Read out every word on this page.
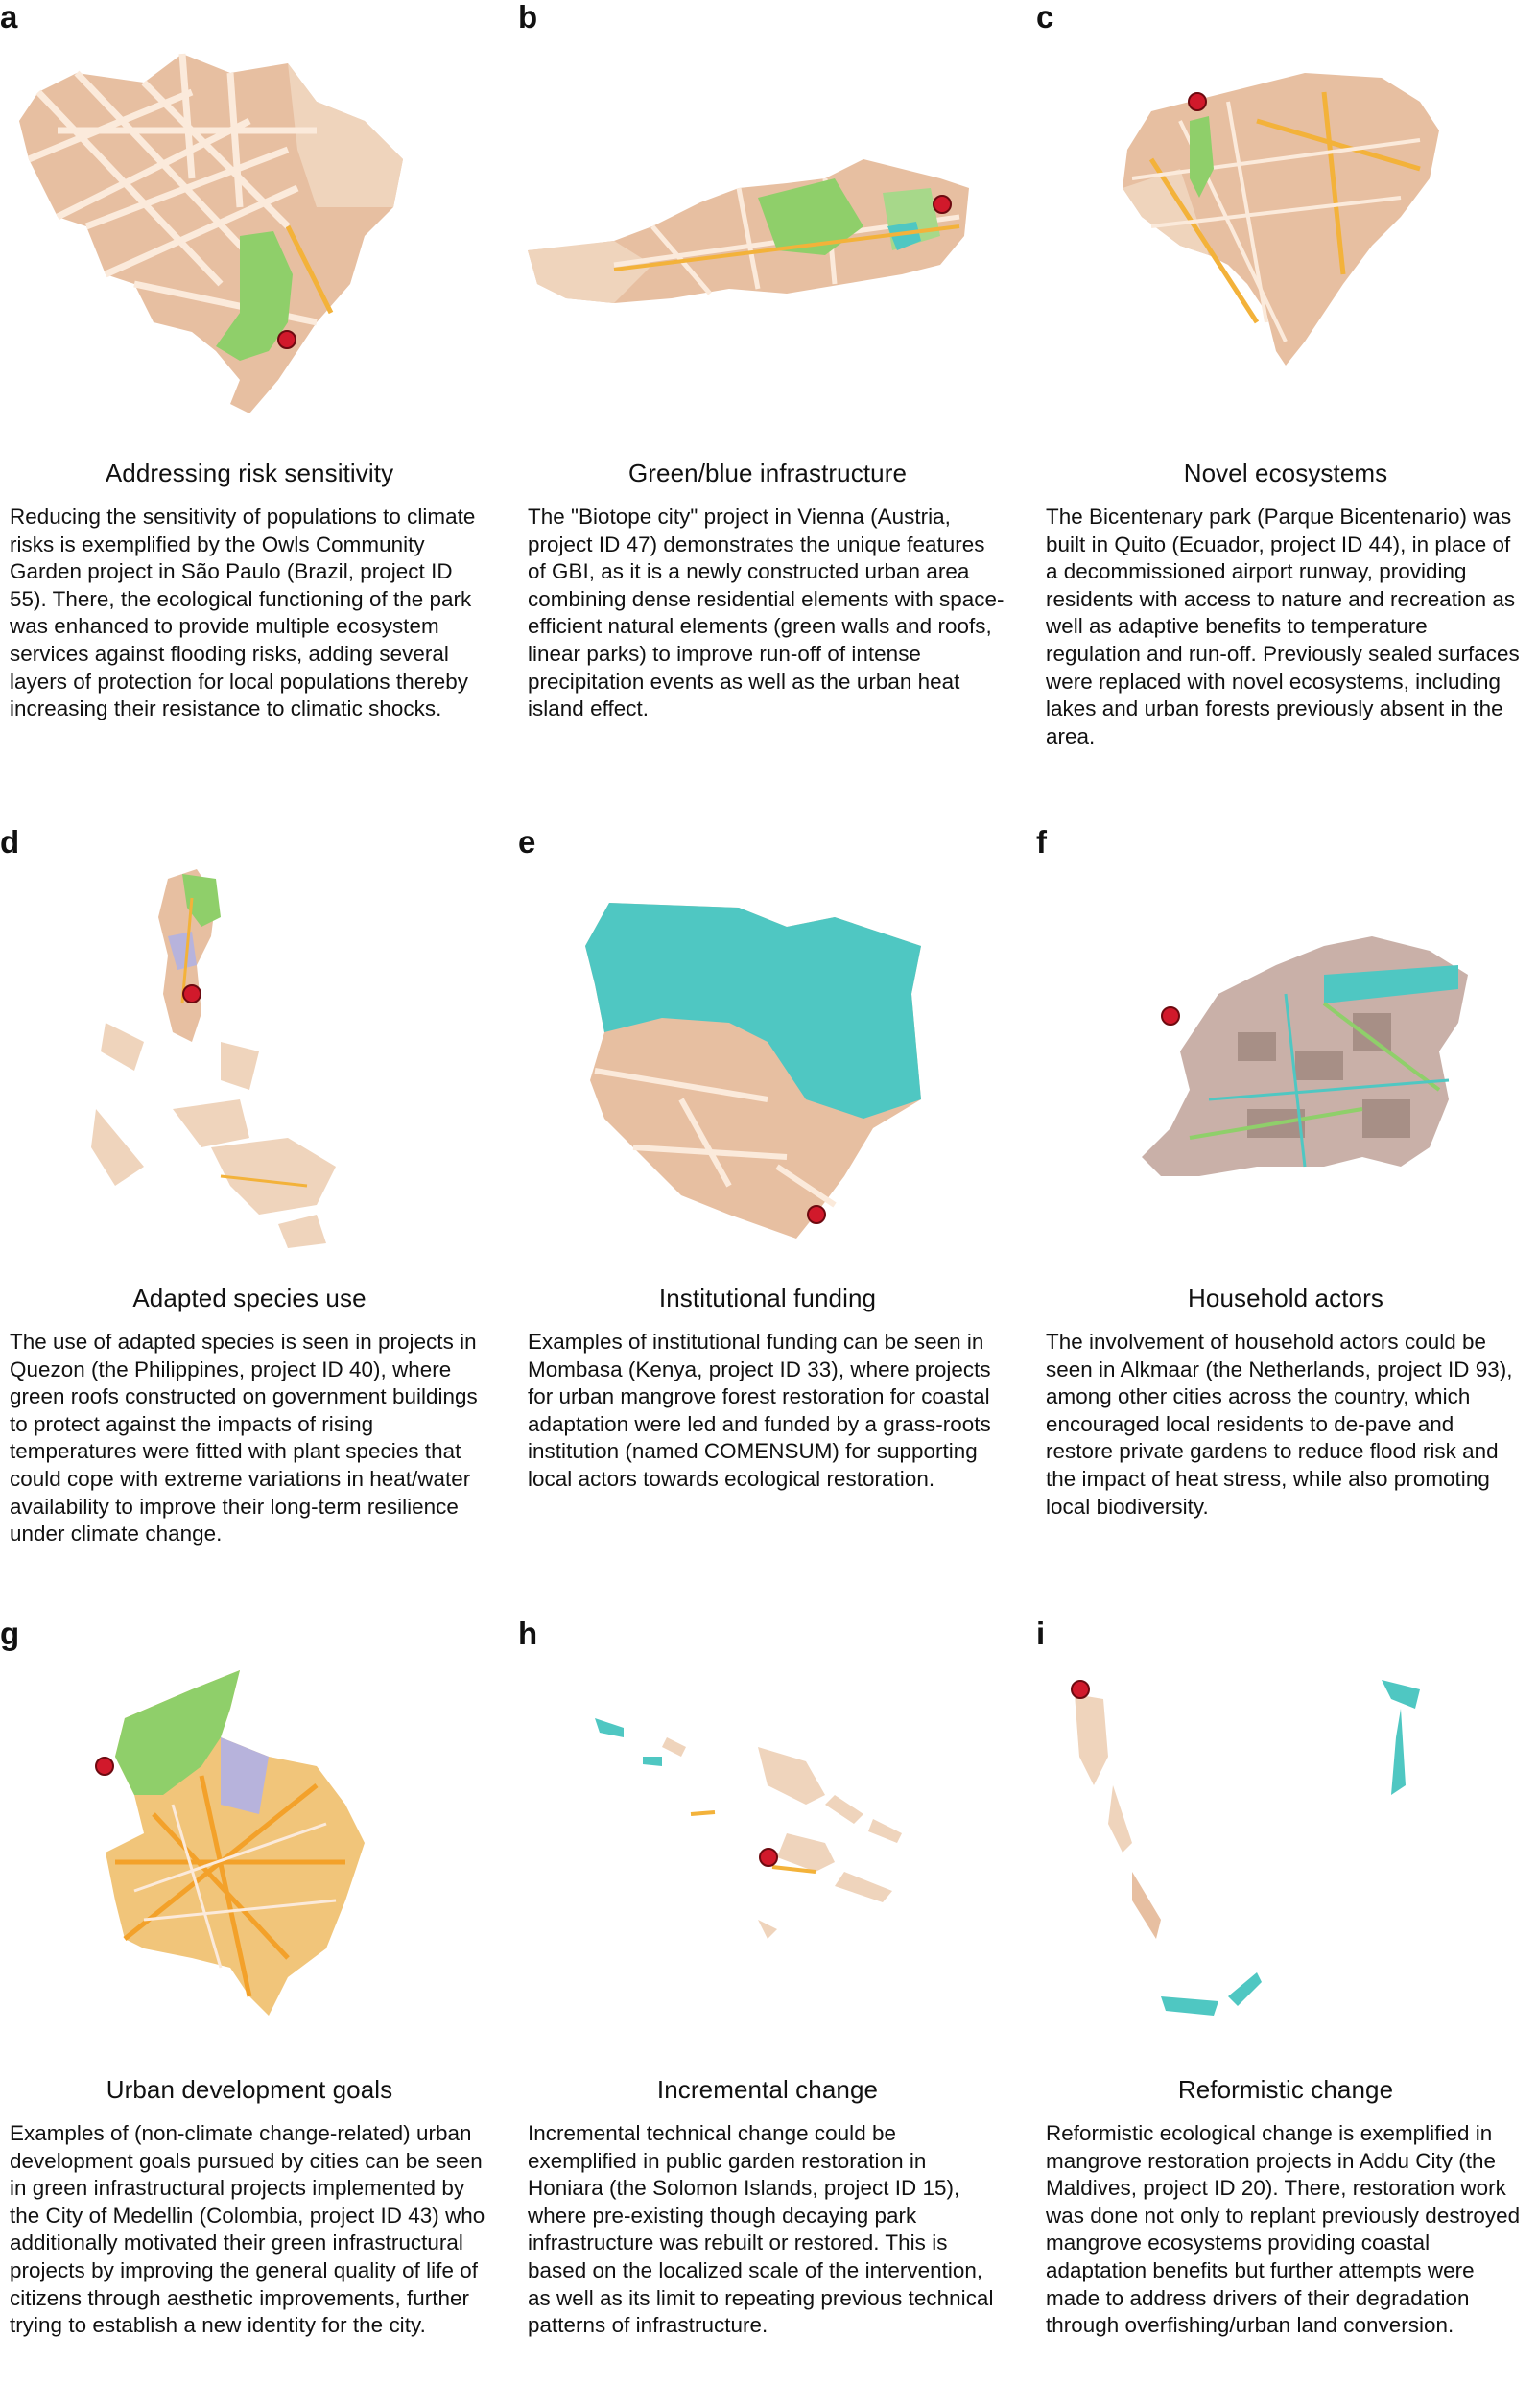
a
Addressing risk sensitivity
Reducing the sensitivity of populations to climate risks is exemplified by the Owls Community Garden project in São Paulo (Brazil, project ID 55). There, the ecological functioning of the park was enhanced to provide multiple ecosystem services against flooding risks, adding several layers of protection for local populations thereby increasing their resistance to climatic shocks.
b
Green/blue infrastructure
The "Biotope city" project in Vienna (Austria, project ID 47) demonstrates the unique features of GBI, as it is a newly constructed urban area combining dense residential elements with space-efficient natural elements (green walls and roofs, linear parks) to improve run-off of intense precipitation events as well as the urban heat island effect.
c
Novel ecosystems
The Bicentenary park (Parque Bicentenario) was built in Quito (Ecuador, project ID 44), in place of a decommissioned airport runway, providing residents with access to nature and recreation as well as adaptive benefits to temperature regulation and run-off. Previously sealed surfaces were replaced with novel ecosystems, including lakes and urban forests previously absent in the area.
d
Adapted species use
The use of adapted species is seen in projects in Quezon (the Philippines, project ID 40), where green roofs constructed on government buildings to protect against the impacts of rising temperatures were fitted with plant species that could cope with extreme variations in heat/water availability to improve their long-term resilience under climate change.
e
Institutional funding
Examples of institutional funding can be seen in Mombasa (Kenya, project ID 33), where projects for urban mangrove forest restoration for coastal adaptation were led and funded by a grass-roots institution (named COMENSUM) for supporting local actors towards ecological restoration.
f
Household actors
The involvement of household actors could be seen in Alkmaar (the Netherlands, project ID 93), among other cities across the country, which encouraged local residents to de-pave and restore private gardens to reduce flood risk and the impact of heat stress, while also promoting local biodiversity.
g
Urban development goals
Examples of (non-climate change-related) urban development goals pursued by cities can be seen in green infrastructural projects implemented by the City of Medellin (Colombia, project ID 43) who additionally motivated their green infrastructural projects by improving the general quality of life of citizens through aesthetic improvements, further trying to establish a new identity for the city.
h
Incremental change
Incremental technical change could be exemplified in public garden restoration in Honiara (the Solomon Islands, project ID 15), where pre-existing though decaying park infrastructure was rebuilt or restored. This is based on the localized scale of the intervention, as well as its limit to repeating previous technical patterns of infrastructure.
i
Reformistic change
Reformistic ecological change is exemplified in mangrove restoration projects in Addu City (the Maldives, project ID 20). There, restoration work was done not only to replant previously destroyed mangrove ecosystems providing coastal adaptation benefits but further attempts were made to address drivers of their degradation through overfishing/urban land conversion.
